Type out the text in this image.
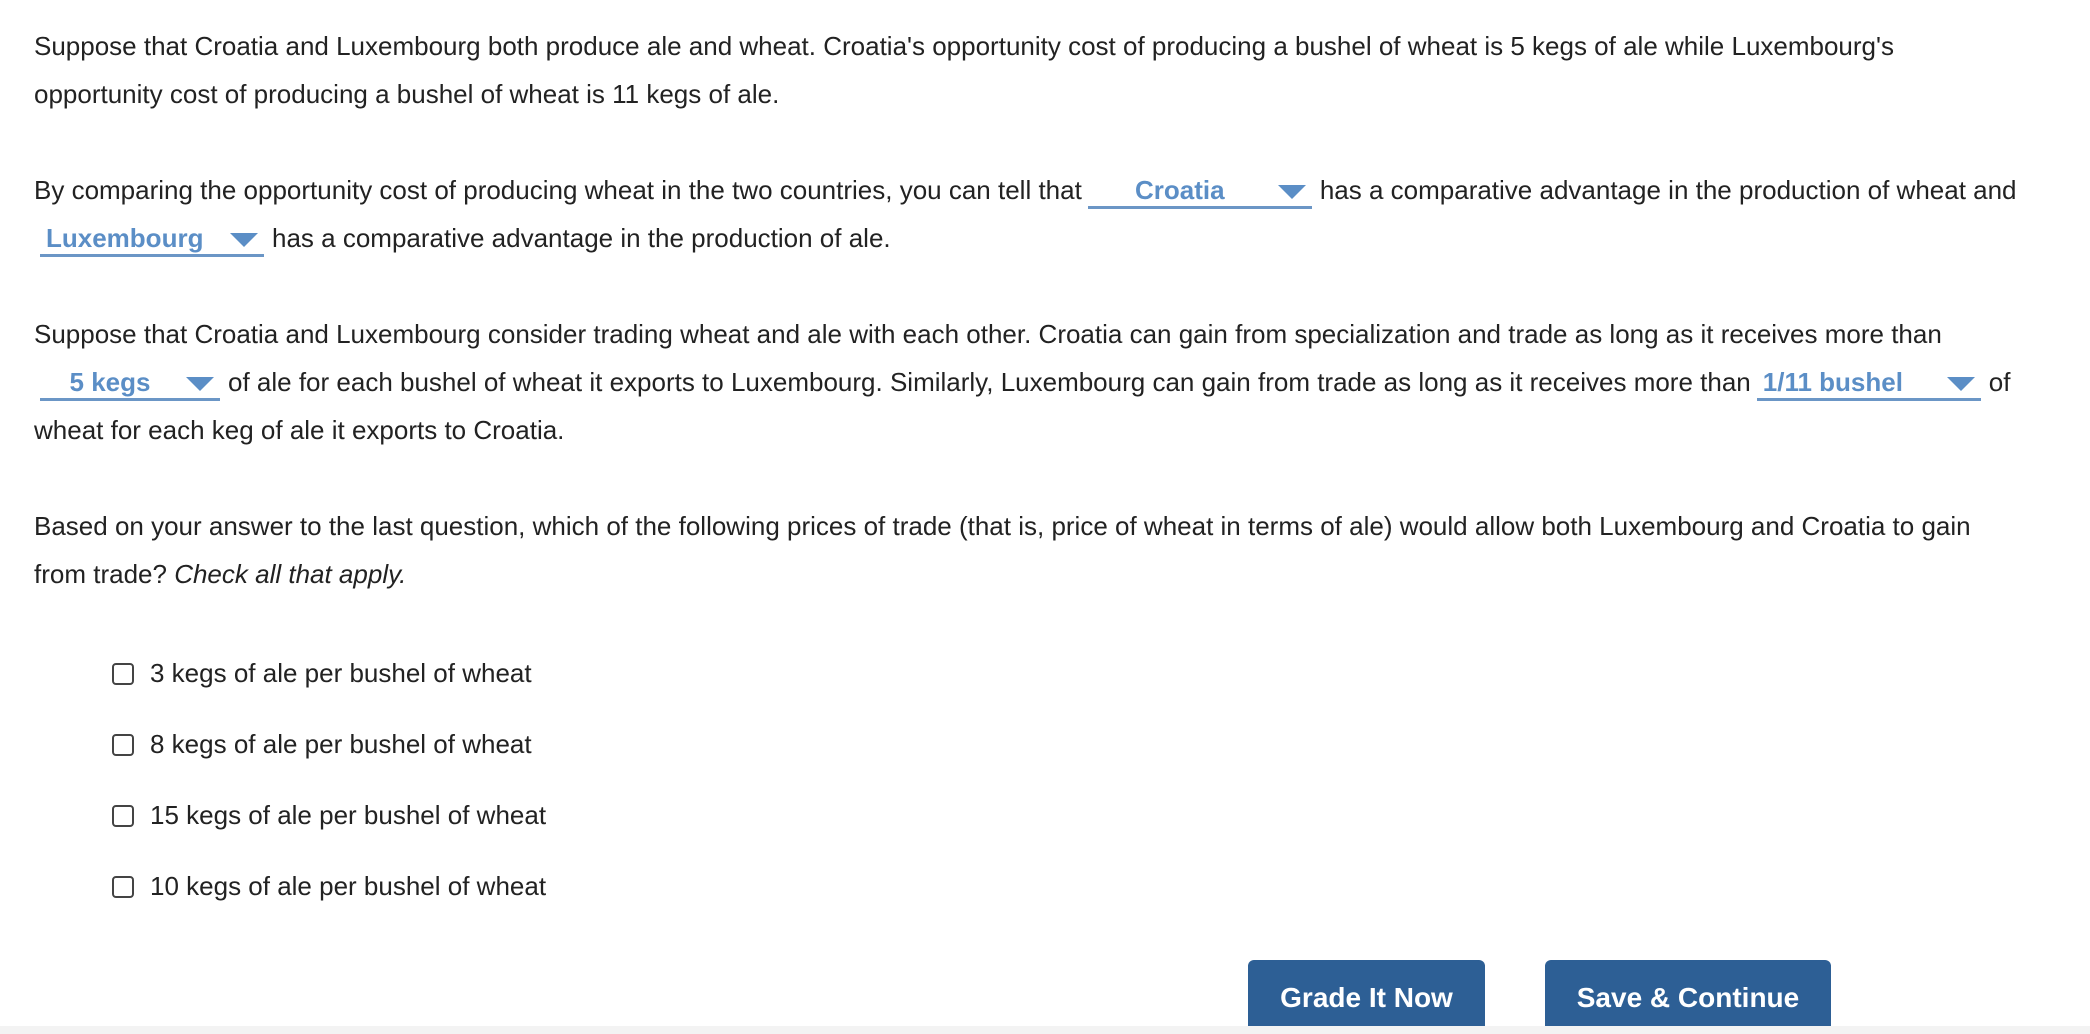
Suppose that Croatia and Luxembourg both produce ale and wheat. Croatia's opportunity cost of producing a bushel of wheat is 5 kegs of ale while Luxembourg's opportunity cost of producing a bushel of wheat is 11 kegs of ale.

By comparing the opportunity cost of producing wheat in the two countries, you can tell that Croatia	has a comparative advantage in the production of wheat andLuxembourg	has a comparative advantage in the production of ale.

Suppose that Croatia and Luxembourg consider trading wheat and ale with each other. Croatia can gain from specialization and trade as long as it receives more than5 kegs	of ale for each bushel of wheat it exports to Luxembourg. Similarly, Luxembourg can gain from trade as long as it receives more than 1/11 bushel	of wheat for each keg of ale it exports to Croatia.

Based on your answer to the last question, which of the following prices of trade (that is, price of wheat in terms of ale) would allow both Luxembourg and Croatia to gain from trade? Check all that apply.

3 kegs of ale per bushel of wheat
8 kegs of ale per bushel of wheat
15 kegs of ale per bushel of wheat
10 kegs of ale per bushel of wheat
Grade It Now	Save & Continue
